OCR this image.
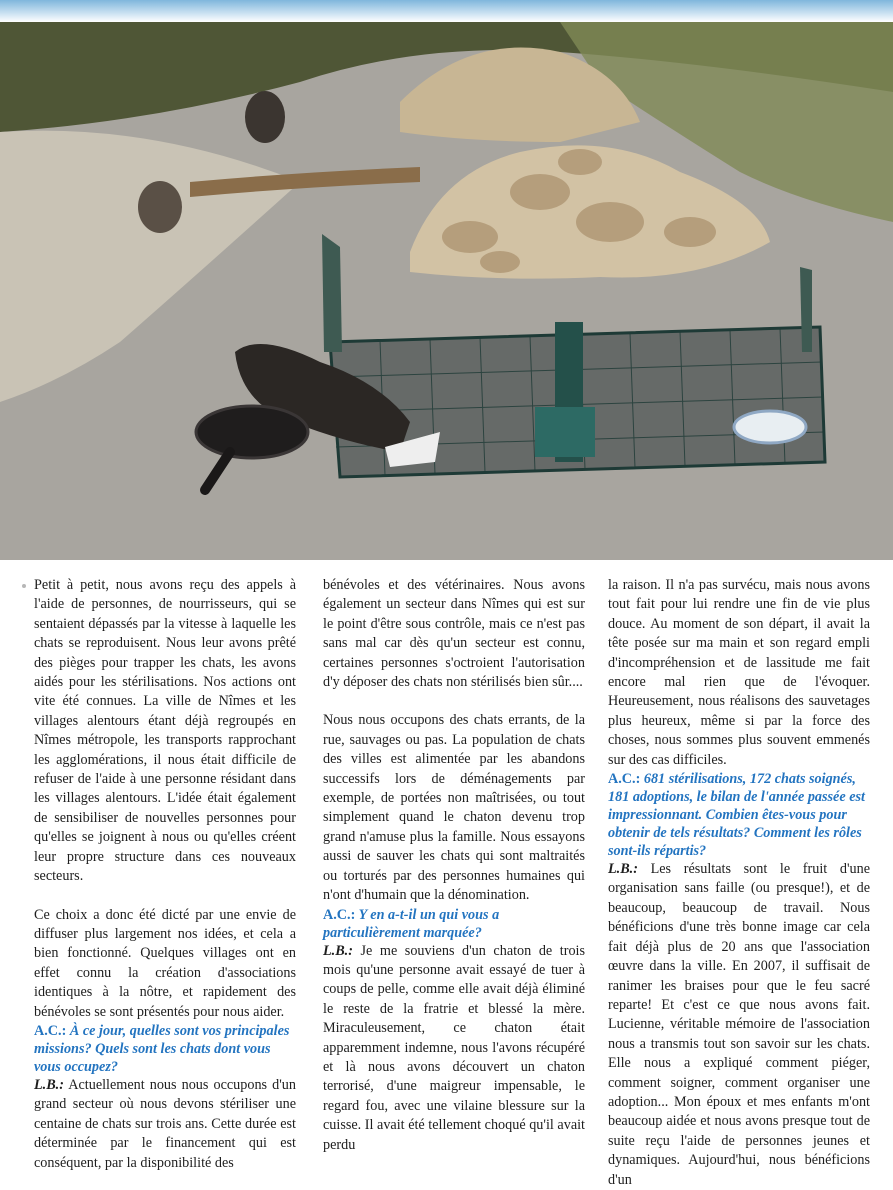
Petit à petit, nous avons reçu des appels à l'aide de personnes, de nourrisseurs, qui se sentaient dépassés par la vitesse à laquelle les chats se reproduisent. Nous leur avons prêté des pièges pour trapper les chats, les avons aidés pour les stérilisations. Nos actions ont vite été connues. La ville de Nîmes et les villages alentours étant déjà regroupés en Nîmes métropole, les transports rapprochant les agglomérations, il nous était difficile de refuser de l'aide à une personne résidant dans les villages alentours. L'idée était également de sensibiliser de nouvelles personnes pour qu'elles se joignent à nous ou qu'elles créent leur propre structure dans ces nouveaux secteurs.

Ce choix a donc été dicté par une envie de diffuser plus largement nos idées, et cela a bien fonctionné. Quelques villages ont en effet connu la création d'associations identiques à la nôtre, et rapidement des bénévoles se sont présentés pour nous aider.

A.C.: À ce jour, quelles sont vos principales missions? Quels sont les chats dont vous vous occupez?

L.B.: Actuellement nous nous occupons d'un grand secteur où nous devons stériliser une centaine de chats sur trois ans. Cette durée est déterminée par le financement qui est conséquent, par la disponibilité des

bénévoles et des vétérinaires. Nous avons également un secteur dans Nîmes qui est sur le point d'être sous contrôle, mais ce n'est pas sans mal car dès qu'un secteur est connu, certaines personnes s'octroient l'autorisation d'y déposer des chats non stérilisés bien sûr....

Nous nous occupons des chats errants, de la rue, sauvages ou pas. La population de chats des villes est alimentée par les abandons successifs lors de déménagements par exemple, de portées non maîtrisées, ou tout simplement quand le chaton devenu trop grand n'amuse plus la famille. Nous essayons aussi de sauver les chats qui sont maltraités ou torturés par des personnes humaines qui n'ont d'humain que la dénomination.

A.C.: Y en a-t-il un qui vous a particulièrement marquée?

L.B.: Je me souviens d'un chaton de trois mois qu'une personne avait essayé de tuer à coups de pelle, comme elle avait déjà éliminé le reste de la fratrie et blessé la mère. Miraculeusement, ce chaton était apparemment indemne, nous l'avons récupéré et là nous avons découvert un chaton terrorisé, d'une maigreur impensable, le regard fou, avec une vilaine blessure sur la cuisse. Il avait été tellement choqué qu'il avait perdu

la raison. Il n'a pas survécu, mais nous avons tout fait pour lui rendre une fin de vie plus douce. Au moment de son départ, il avait la tête posée sur ma main et son regard empli d'incompréhension et de lassitude me fait encore mal rien que de l'évoquer. Heureusement, nous réalisons des sauvetages plus heureux, même si par la force des choses, nous sommes plus souvent emmenés sur des cas difficiles.

A.C.: 681 stérilisations, 172 chats soignés, 181 adoptions, le bilan de l'année passée est impressionnant. Combien êtes-vous pour obtenir de tels résultats? Comment les rôles sont-ils répartis?

L.B.: Les résultats sont le fruit d'une organisation sans faille (ou presque!), et de beaucoup, beaucoup de travail. Nous bénéficions d'une très bonne image car cela fait déjà plus de 20 ans que l'association œuvre dans la ville. En 2007, il suffisait de ranimer les braises pour que le feu sacré reparte! Et c'est ce que nous avons fait. Lucienne, véritable mémoire de l'association nous a transmis tout son savoir sur les chats. Elle nous a expliqué comment piéger, comment soigner, comment organiser une adoption... Mon époux et mes enfants m'ont beaucoup aidée et nous avons presque tout de suite reçu l'aide de personnes jeunes et dynamiques. Aujourd'hui, nous bénéficions d'un
